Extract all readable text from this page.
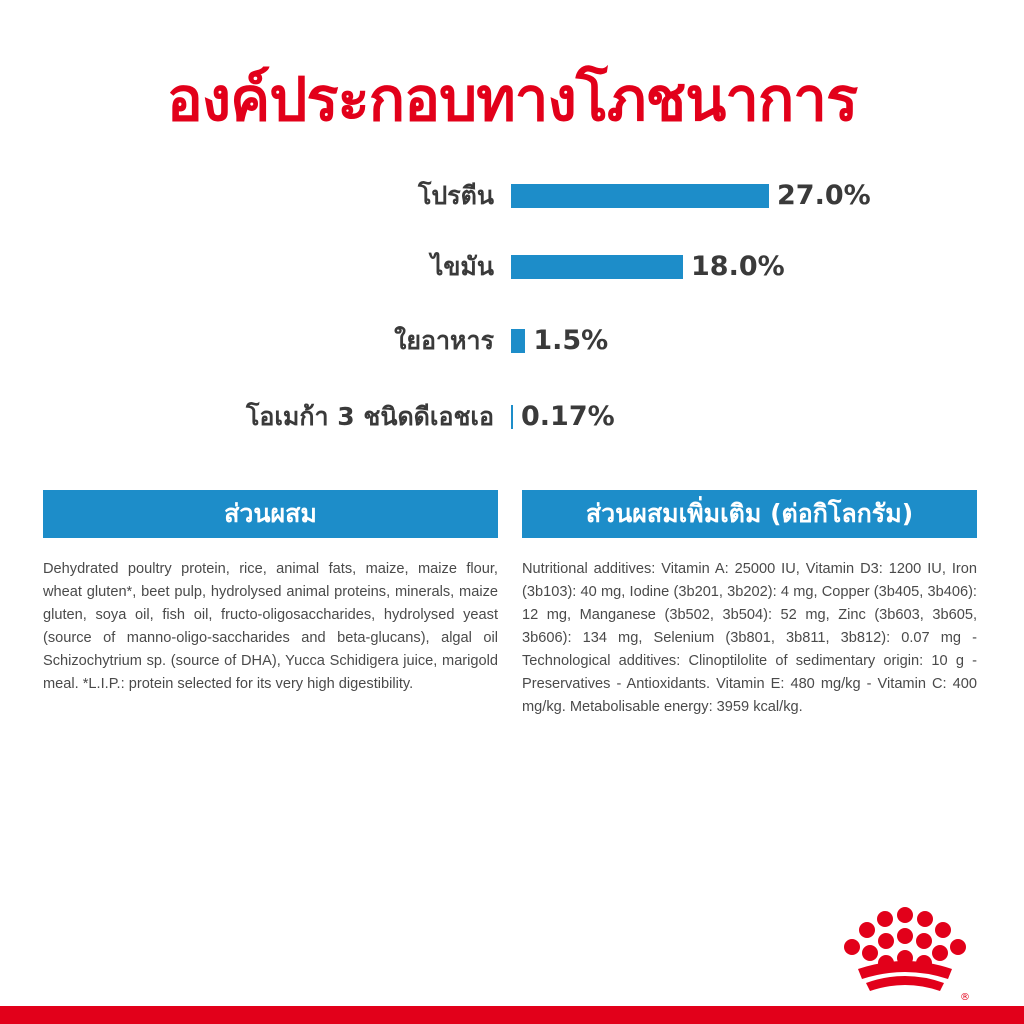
องค์ประกอบทางโภชนาการ
โปรตีน	27.0%
ไขมัน	18.0%
ใยอาหาร 1.5%
โอเมก้า 3 ชนิดดีเอชเอ 0.17%
ส่วนผสม
Dehydrated poultry protein, rice, animal fats, maize, maize flour, wheat gluten*, beet pulp, hydrolysed animal proteins, minerals, maize gluten, soya oil, fish oil, fructo-oligosaccharides, hydrolysed yeast (source of manno-oligo-saccharides and beta-glucans), algal oil Schizochytrium sp. (source of DHA), Yucca Schidigera juice, marigold meal. *L.I.P.: protein selected for its very high digestibility.
ส่วนผสมเพิ่มเติม (ต่อกิโลกรัม)
Nutritional additives: Vitamin A: 25000 IU, Vitamin D3: 1200 IU, Iron (3b103): 40 mg, Iodine (3b201, 3b202): 4 mg, Copper (3b405, 3b406): 12 mg, Manganese (3b502, 3b504): 52 mg, Zinc (3b603, 3b605, 3b606): 134 mg, Selenium (3b801, 3b811, 3b812): 0.07 mg - Technological additives: Clinoptilolite of sedimentary origin: 10 g - Preservatives - Antioxidants. Vitamin E: 480 mg/kg - Vitamin C: 400 mg/kg. Metabolisable energy: 3959 kcal/kg.
®
